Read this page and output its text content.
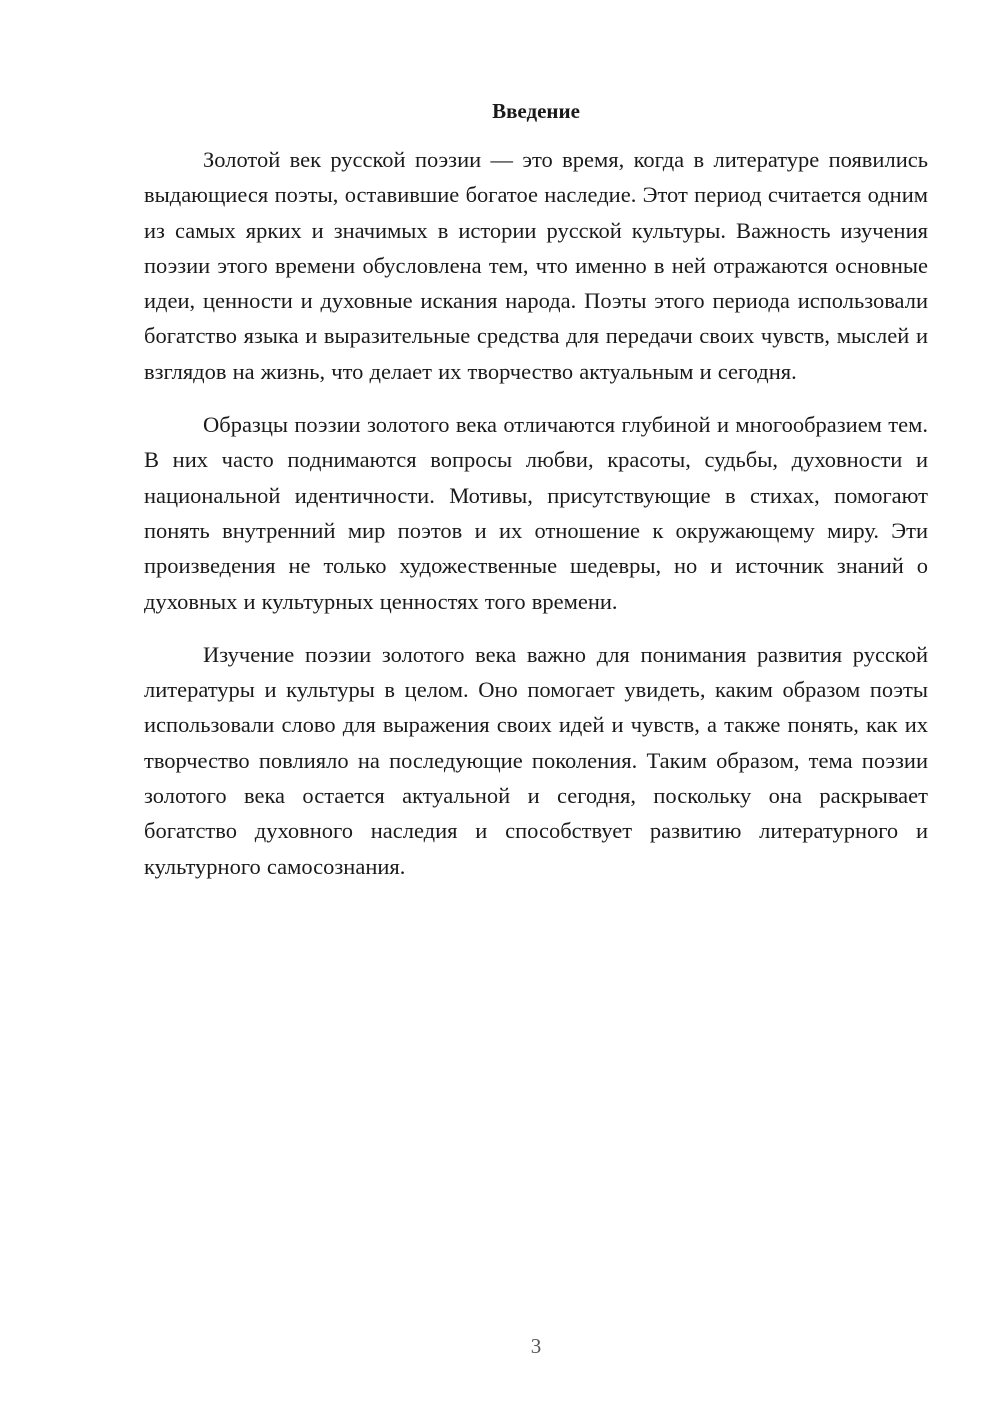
Введение

Золотой век русской поэзии — это время, когда в литературе появились выдающиеся поэты, оставившие богатое наследие. Этот период считается одним из самых ярких и значимых в истории русской культуры. Важность изучения поэзии этого времени обусловлена тем, что именно в ней отражаются основные идеи, ценности и духовные искания народа. Поэты этого периода использовали богатство языка и выразительные средства для передачи своих чувств, мыслей и взглядов на жизнь, что делает их творчество актуальным и сегодня.

Образцы поэзии золотого века отличаются глубиной и многообразием тем. В них часто поднимаются вопросы любви, красоты, судьбы, духовности и национальной идентичности. Мотивы, присутствующие в стихах, помогают понять внутренний мир поэтов и их отношение к окружающему миру. Эти произведения не только художественные шедевры, но и источник знаний о духовных и культурных ценностях того времени.

Изучение поэзии золотого века важно для понимания развития русской литературы и культуры в целом. Оно помогает увидеть, каким образом поэты использовали слово для выражения своих идей и чувств, а также понять, как их творчество повлияло на последующие поколения. Таким образом, тема поэзии золотого века остается актуальной и сегодня, поскольку она раскрывает богатство духовного наследия и способствует развитию литературного и культурного самосознания.

3
